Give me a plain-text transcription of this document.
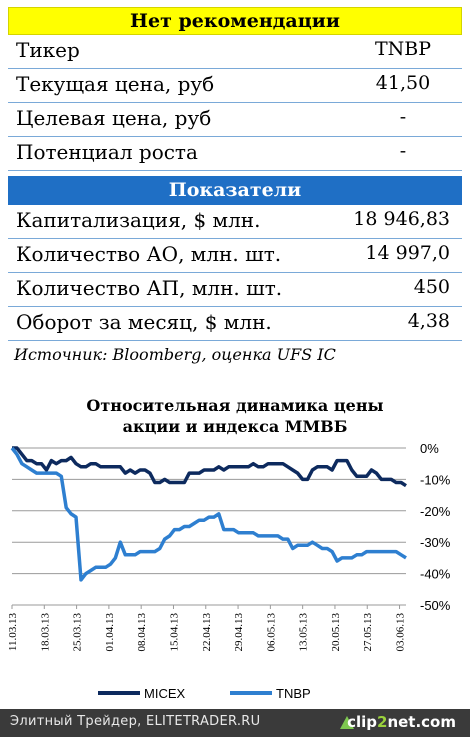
Нет рекомендации
Тикер	TNBP
Текущая цена, руб	41,50
Целевая цена, руб	-
Потенциал роста	-
Показатели
Капитализация, $ млн.	18 946,83
Количество АО, млн. шт.	14 997,0
Количество АП, млн. шт.	450
Оборот за месяц, $ млн.	4,38
Источник: Bloomberg, оценка UFS IC
Относительная динамика цены акции и индекса ММВБ
0%
-10%
-20%
-30%
-40%
-50%
11.03.13 18.03.13 25.03.13 01.04.13 08.04.13 15.04.13 22.04.13 29.04.13 06.05.13 13.05.13 20.05.13 27.05.13 03.06.13
MICEX	TNBP
Элитный Трейдер, ELITETRADER.RU	clip2net.com
